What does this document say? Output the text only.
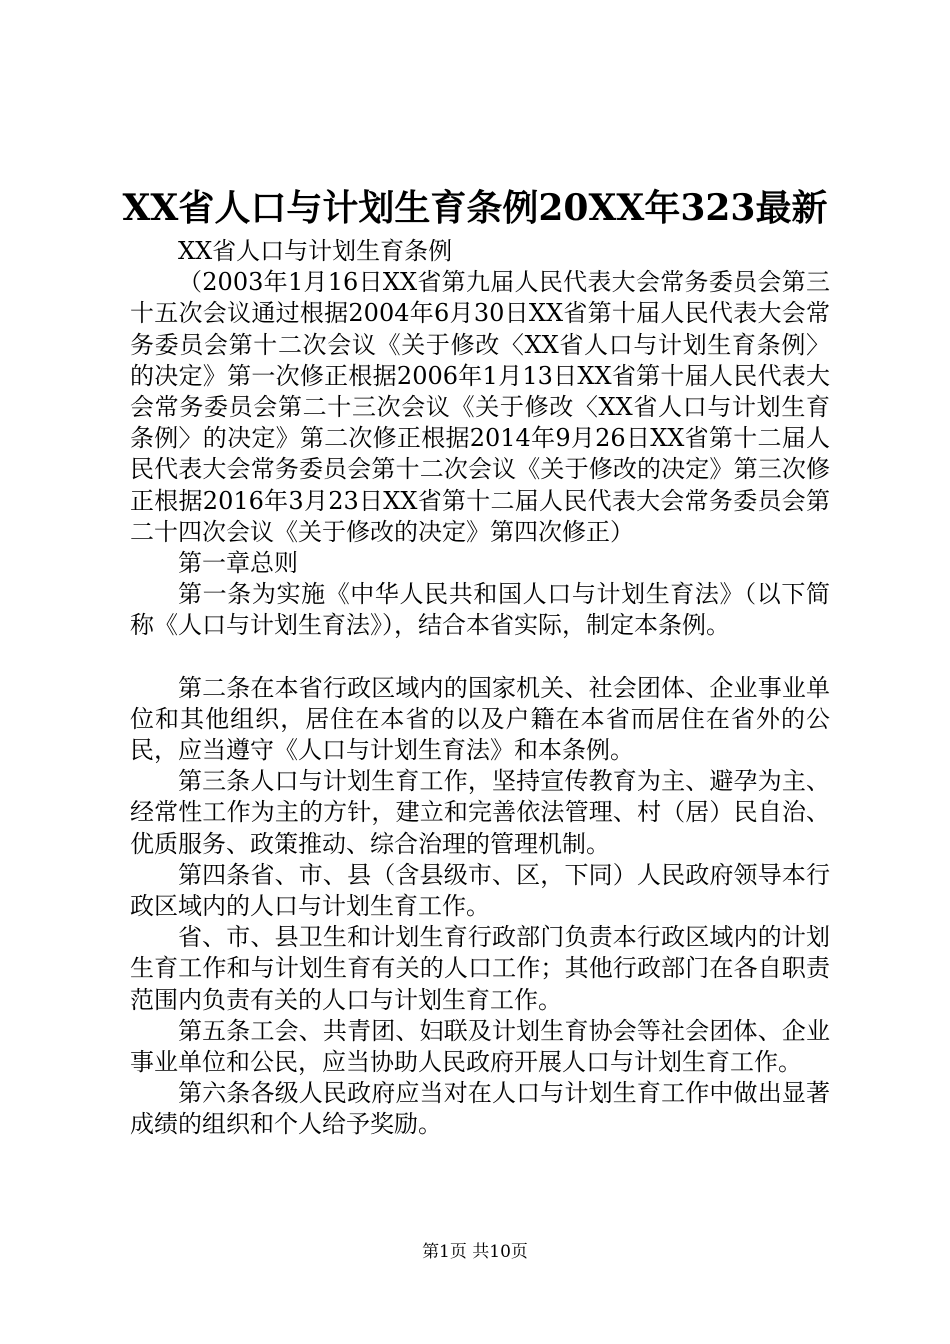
XX省人口与计划生育条例20XX年323最新

XX省人口与计划生育条例

（2003年1月16日XX省第九届人民代表大会常务委员会第三十五次会议通过根据2004年6月30日XX省第十届人民代表大会常务委员会第十二次会议《关于修改〈XX省人口与计划生育条例〉的决定》第一次修正根据2006年1月13日XX省第十届人民代表大会常务委员会第二十三次会议《关于修改〈XX省人口与计划生育条例〉的决定》第二次修正根据2014年9月26日XX省第十二届人民代表大会常务委员会第十二次会议《关于修改的决定》第三次修正根据2016年3月23日XX省第十二届人民代表大会常务委员会第二十四次会议《关于修改的决定》第四次修正）

第一章总则

第一条为实施《中华人民共和国人口与计划生育法》（以下简称《人口与计划生育法》），结合本省实际，制定本条例。

第二条在本省行政区域内的国家机关、社会团体、企业事业单位和其他组织，居住在本省的以及户籍在本省而居住在省外的公民，应当遵守《人口与计划生育法》和本条例。

第三条人口与计划生育工作，坚持宣传教育为主、避孕为主、经常性工作为主的方针，建立和完善依法管理、村（居）民自治、优质服务、政策推动、综合治理的管理机制。

第四条省、市、县（含县级市、区，下同）人民政府领导本行政区域内的人口与计划生育工作。

省、市、县卫生和计划生育行政部门负责本行政区域内的计划生育工作和与计划生育有关的人口工作；其他行政部门在各自职责范围内负责有关的人口与计划生育工作。

第五条工会、共青团、妇联及计划生育协会等社会团体、企业事业单位和公民，应当协助人民政府开展人口与计划生育工作。

第六条各级人民政府应当对在人口与计划生育工作中做出显著成绩的组织和个人给予奖励。

第1页 共10页
